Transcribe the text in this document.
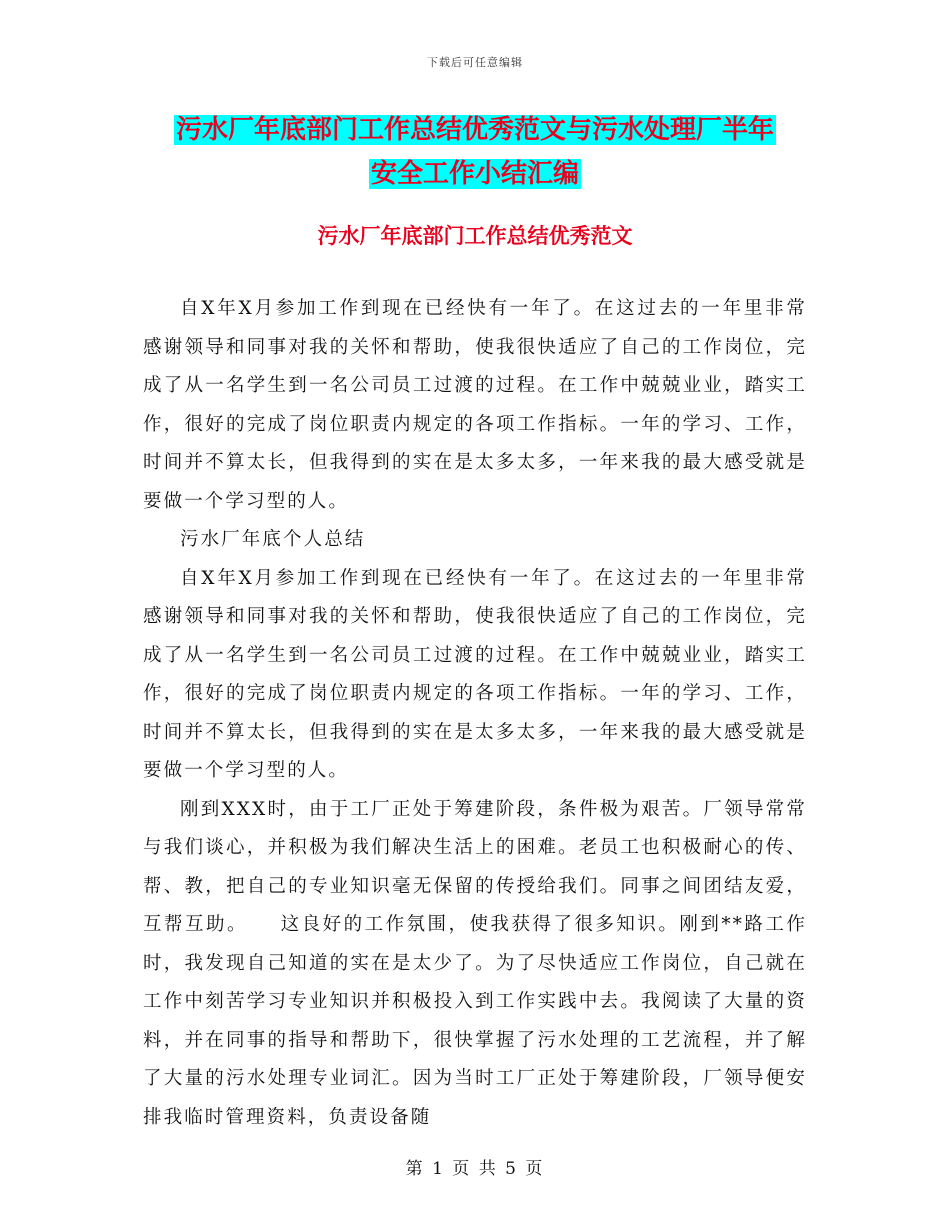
下载后可任意编辑
污水厂年底部门工作总结优秀范文与污水处理厂半年
安全工作小结汇编
污水厂年底部门工作总结优秀范文

自X年X月参加工作到现在已经快有一年了。在这过去的一年里非常感谢领导和同事对我的关怀和帮助，使我很快适应了自己的工作岗位，完成了从一名学生到一名公司员工过渡的过程。在工作中兢兢业业，踏实工作，很好的完成了岗位职责内规定的各项工作指标。一年的学习、工作，时间并不算太长，但我得到的实在是太多太多，一年来我的最大感受就是要做一个学习型的人。

污水厂年底个人总结

自X年X月参加工作到现在已经快有一年了。在这过去的一年里非常感谢领导和同事对我的关怀和帮助，使我很快适应了自己的工作岗位，完成了从一名学生到一名公司员工过渡的过程。在工作中兢兢业业，踏实工作，很好的完成了岗位职责内规定的各项工作指标。一年的学习、工作，时间并不算太长，但我得到的实在是太多太多，一年来我的最大感受就是要做一个学习型的人。

刚到XXX时，由于工厂正处于筹建阶段，条件极为艰苦。厂领导常常与我们谈心，并积极为我们解决生活上的困难。老员工也积极耐心的传、帮、教，把自己的专业知识毫无保留的传授给我们。同事之间团结友爱，互帮互助。　　这良好的工作氛围，使我获得了很多知识。刚到**路工作时，我发现自己知道的实在是太少了。为了尽快适应工作岗位，自己就在工作中刻苦学习专业知识并积极投入到工作实践中去。我阅读了大量的资料，并在同事的指导和帮助下，很快掌握了污水处理的工艺流程，并了解了大量的污水处理专业词汇。因为当时工厂正处于筹建阶段，厂领导便安排我临时管理资料，负责设备随

第 1 页 共 5 页
